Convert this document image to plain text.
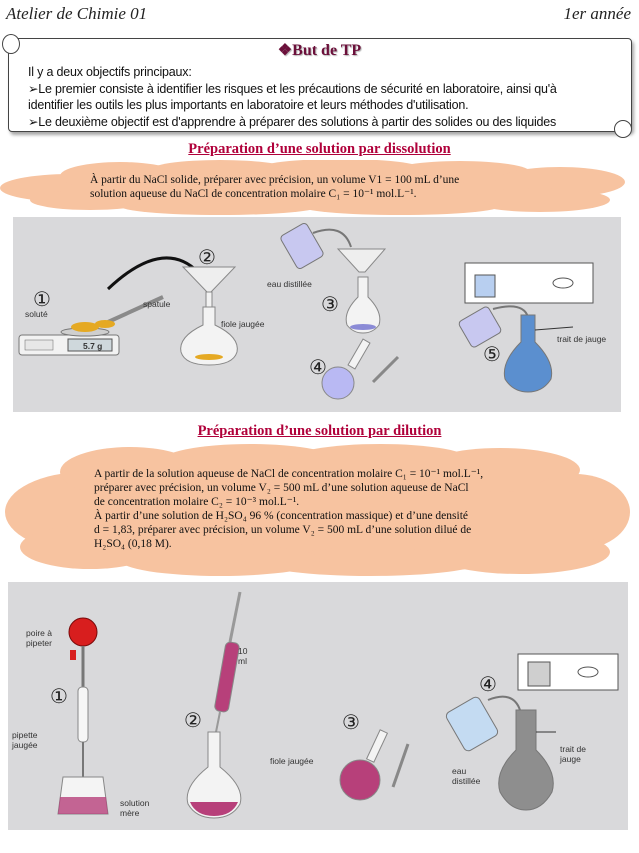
Atelier de Chimie 01	1er année
❖But de TP
Il y a deux objectifs principaux:
➢Le premier consiste à identifier les risques et les précautions de sécurité en laboratoire, ainsi qu'à
identifier les outils les plus importants en laboratoire et leurs méthodes d'utilisation.
➢Le deuxième objectif est d'apprendre à préparer des solutions à partir des solides ou des liquides
Préparation d’une solution par dissolution
À partir du NaCl solide, préparer avec précision, un volume V1 = 100 mL d’une
solution aqueuse du NaCl de concentration molaire C₁ = 10⁻¹ mol.L⁻¹.
①
②
③
④
⑤
soluté
spatule
fiole jaugée
eau distillée
trait de jauge
5.7 g
Préparation d’une solution par dilution
A partir de la solution aqueuse de NaCl de concentration molaire C₁ = 10⁻¹ mol.L⁻¹,
préparer avec précision, un volume V₂ = 500 mL d’une solution aqueuse de NaCl
de concentration molaire C₂ = 10⁻³ mol.L⁻¹.
À partir d’une solution de H₂SO₄ 96 % (concentration massique) et d’une densité
d = 1,83, préparer avec précision, un volume V₂ = 500 mL d’une solution dilué de
H₂SO₄ (0,18 M).
①
②	③
④
poire à
pipeter
pipette
jaugée
solution
mère
fiole jaugée
10
ml
eau
distillée
trait de
jauge
